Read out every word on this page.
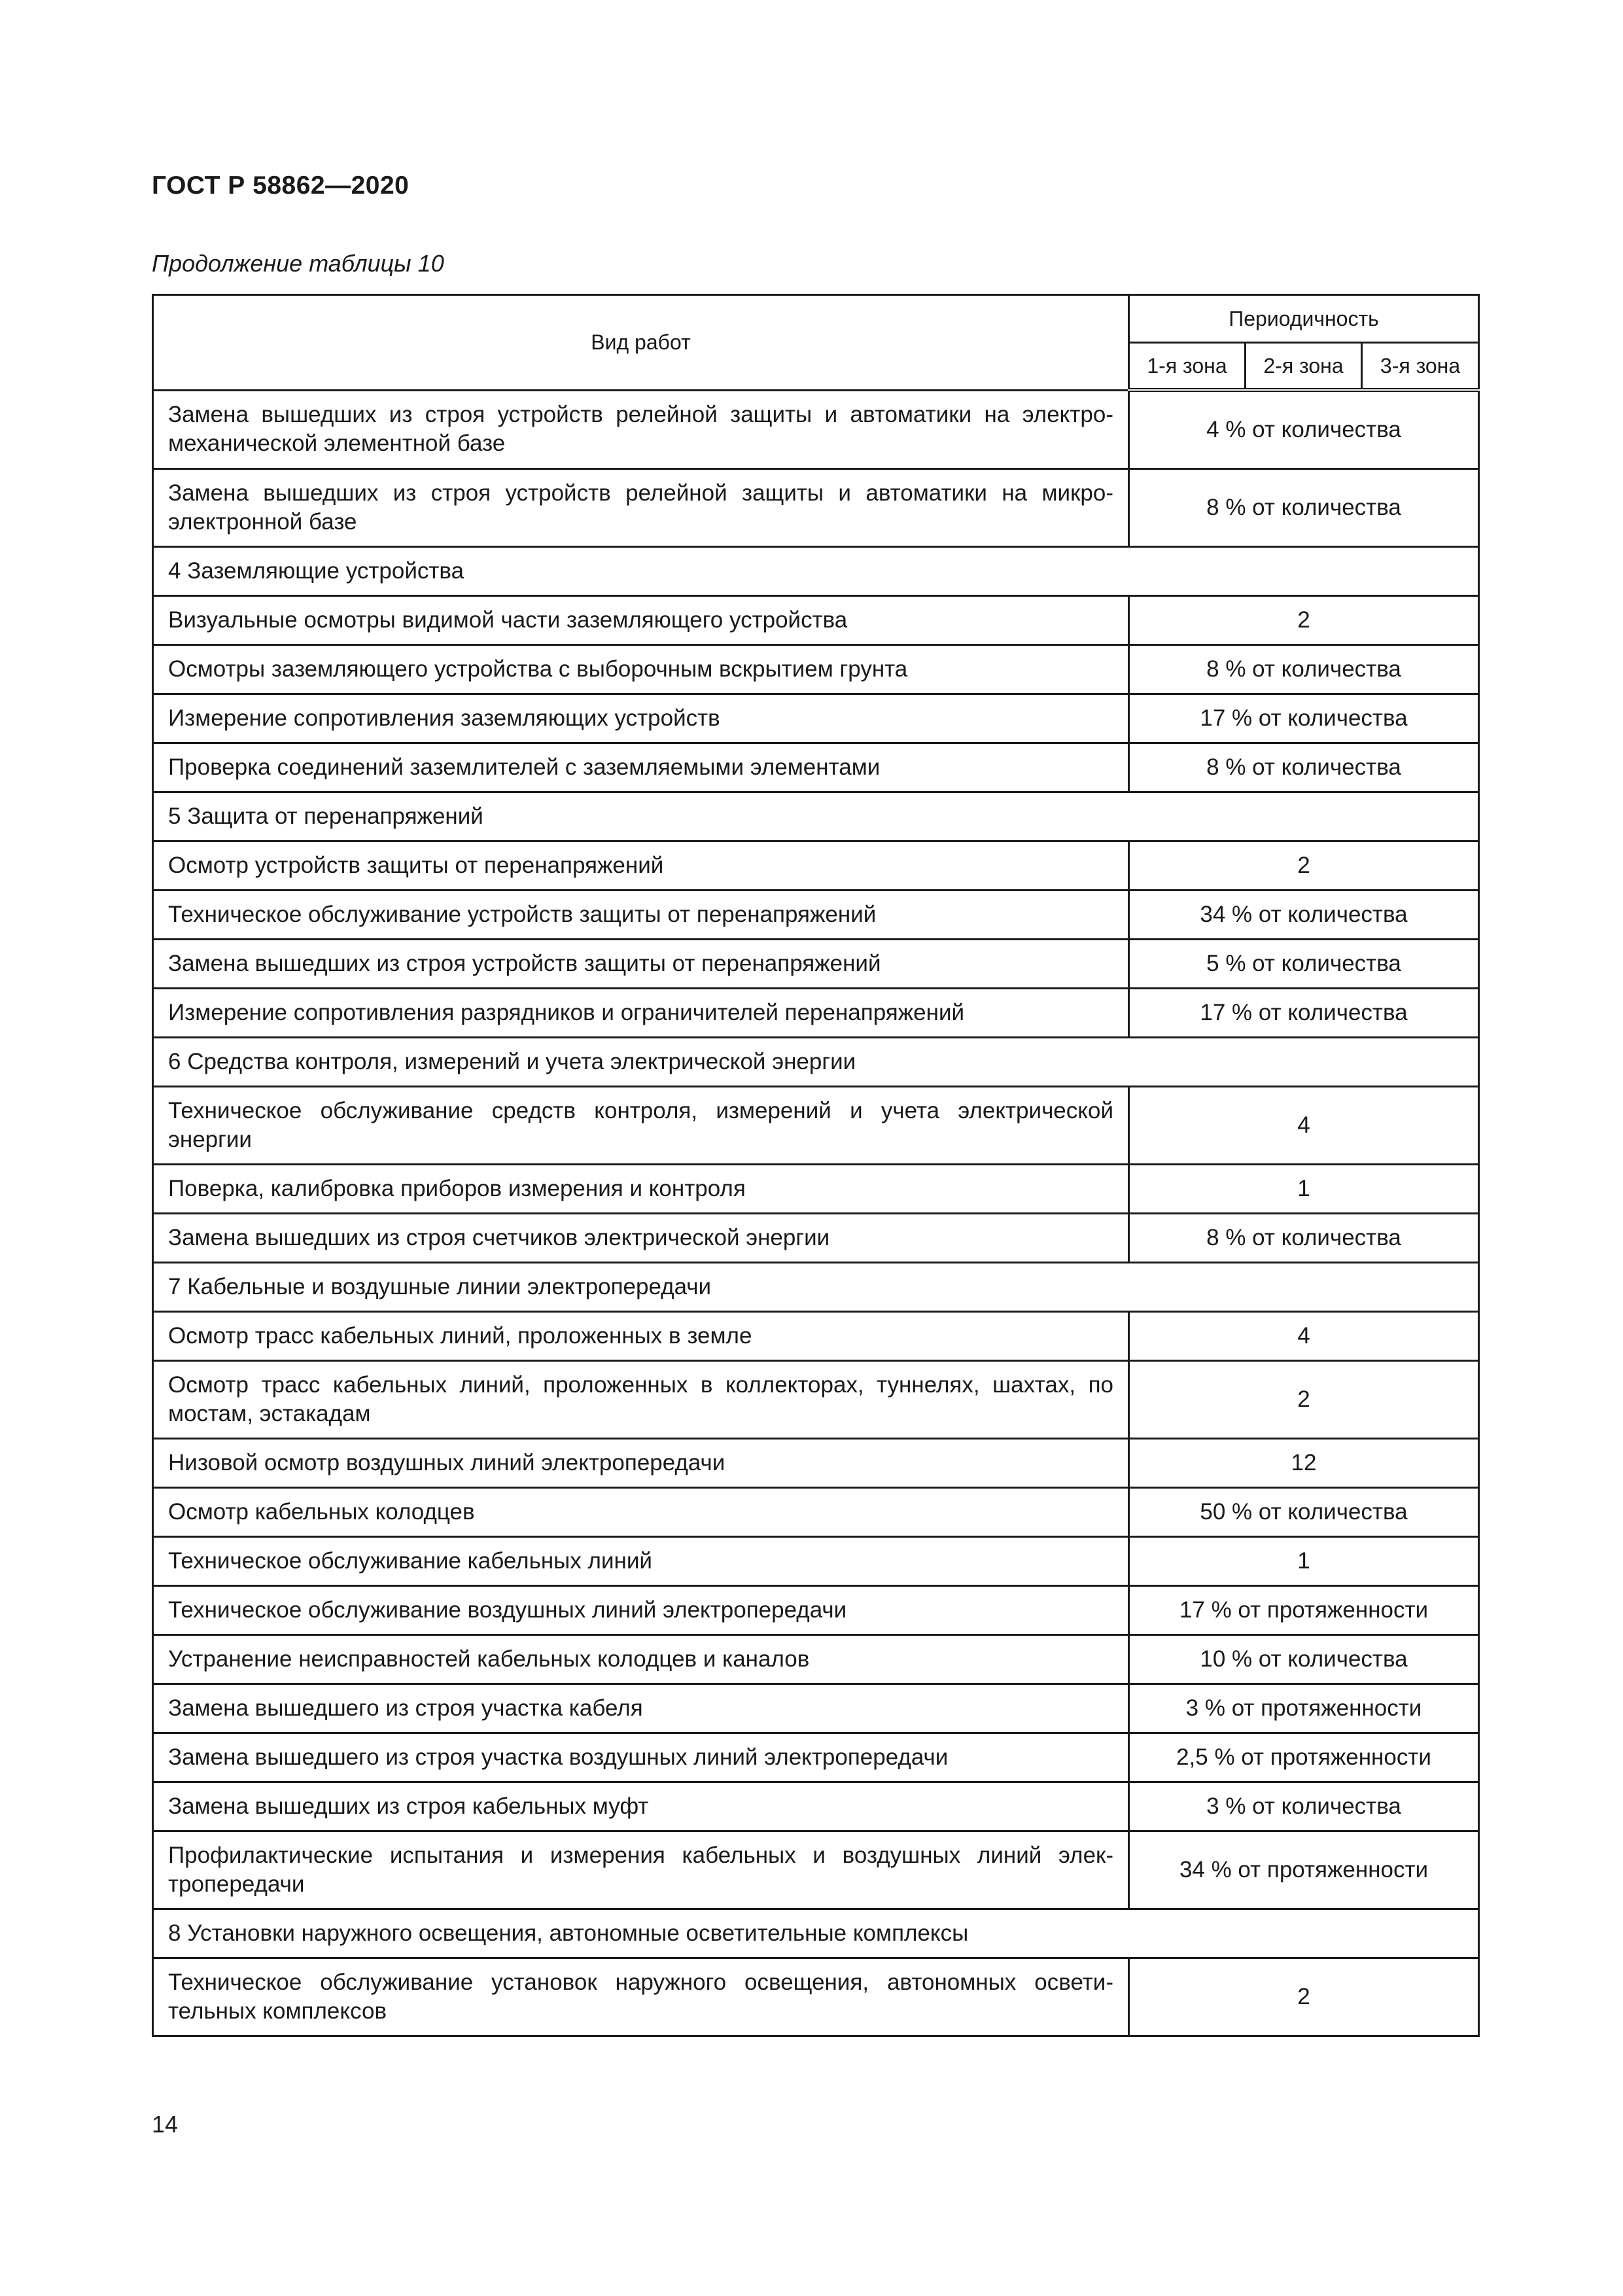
ГОСТ Р 58862—2020
Продолжение таблицы 10
Вид работ	Периодичность		
	1-я зона	2-я зона	3-я зона
Замена вышедших из строя устройств релейной защиты и автоматики на электро-механической элементной базе	4 % от количества		
Замена вышедших из строя устройств релейной защиты и автоматики на микро-электронной базе	8 % от количества		
4 Заземляющие устройства			
Визуальные осмотры видимой части заземляющего устройства	2		
Осмотры заземляющего устройства с выборочным вскрытием грунта	8 % от количества		
Измерение сопротивления заземляющих устройств	17 % от количества		
Проверка соединений заземлителей с заземляемыми элементами	8 % от количества		
5 Защита от перенапряжений			
Осмотр устройств защиты от перенапряжений	2		
Техническое обслуживание устройств защиты от перенапряжений	34 % от количества		
Замена вышедших из строя устройств защиты от перенапряжений	5 % от количества		
Измерение сопротивления разрядников и ограничителей перенапряжений	17 % от количества		
6 Средства контроля, измерений и учета электрической энергии			
Техническое обслуживание средств контроля, измерений и учета электрической энергии	4		
Поверка, калибровка приборов измерения и контроля	1		
Замена вышедших из строя счетчиков электрической энергии	8 % от количества		
7 Кабельные и воздушные линии электропередачи			
Осмотр трасс кабельных линий, проложенных в земле	4		
Осмотр трасс кабельных линий, проложенных в коллекторах, туннелях, шахтах, по мостам, эстакадам	2		
Низовой осмотр воздушных линий электропередачи	12		
Осмотр кабельных колодцев	50 % от количества		
Техническое обслуживание кабельных линий	1		
Техническое обслуживание воздушных линий электропередачи	17 % от протяженности		
Устранение неисправностей кабельных колодцев и каналов	10 % от количества		
Замена вышедшего из строя участка кабеля	3 % от протяженности		
Замена вышедшего из строя участка воздушных линий электропередачи	2,5 % от протяженности		
Замена вышедших из строя кабельных муфт	3 % от количества		
Профилактические испытания и измерения кабельных и воздушных линий элек-тропередачи	34 % от протяженности		
8 Установки наружного освещения, автономные осветительные комплексы			
Техническое обслуживание установок наружного освещения, автономных освети-тельных комплексов	2		
14
